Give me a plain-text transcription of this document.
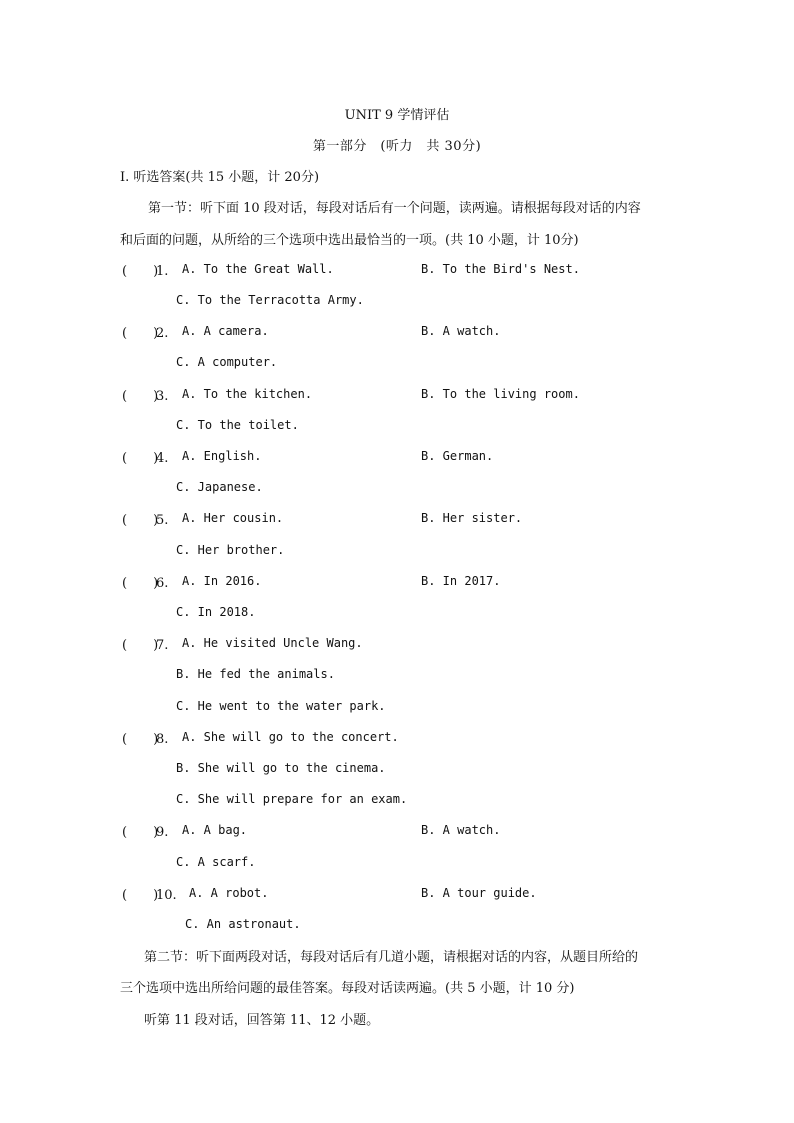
UNIT 9 学情评估
第一部分　(听力　共 30分)
Ⅰ. 听选答案(共 15 小题，计 20分)
第一节：听下面 10 段对话，每段对话后有一个问题，读两遍。请根据每段对话的内容
和后面的问题，从所给的三个选项中选出最恰当的一项。(共 10 小题，计 10分)
(　　)1. A. To the Great Wall.	B. To the Bird's Nest.
C. To the Terracotta Army.
(　　)2. A. A camera.	B. A watch.
C. A computer.
(　　)3. A. To the kitchen.	B. To the living room.
C. To the toilet.
(　　)4. A. English.	B. German.
C. Japanese.
(　　)5. A. Her cousin.	B. Her sister.
C. Her brother.
(　　)6. A. In 2016.	B. In 2017.
C. In 2018.
(　　)7. A. He visited Uncle Wang.
B. He fed the animals.
C. He went to the water park.
(　　)8. A. She will go to the concert.
B. She will go to the cinema.
C. She will prepare for an exam.
(　　)9. A. A bag.	B. A watch.
C. A scarf.
(　　)10. A. A robot.	B. A tour guide.
C. An astronaut.
第二节：听下面两段对话，每段对话后有几道小题，请根据对话的内容，从题目所给的
三个选项中选出所给问题的最佳答案。每段对话读两遍。(共 5 小题，计 10 分)
听第 11 段对话，回答第 11、12 小题。
